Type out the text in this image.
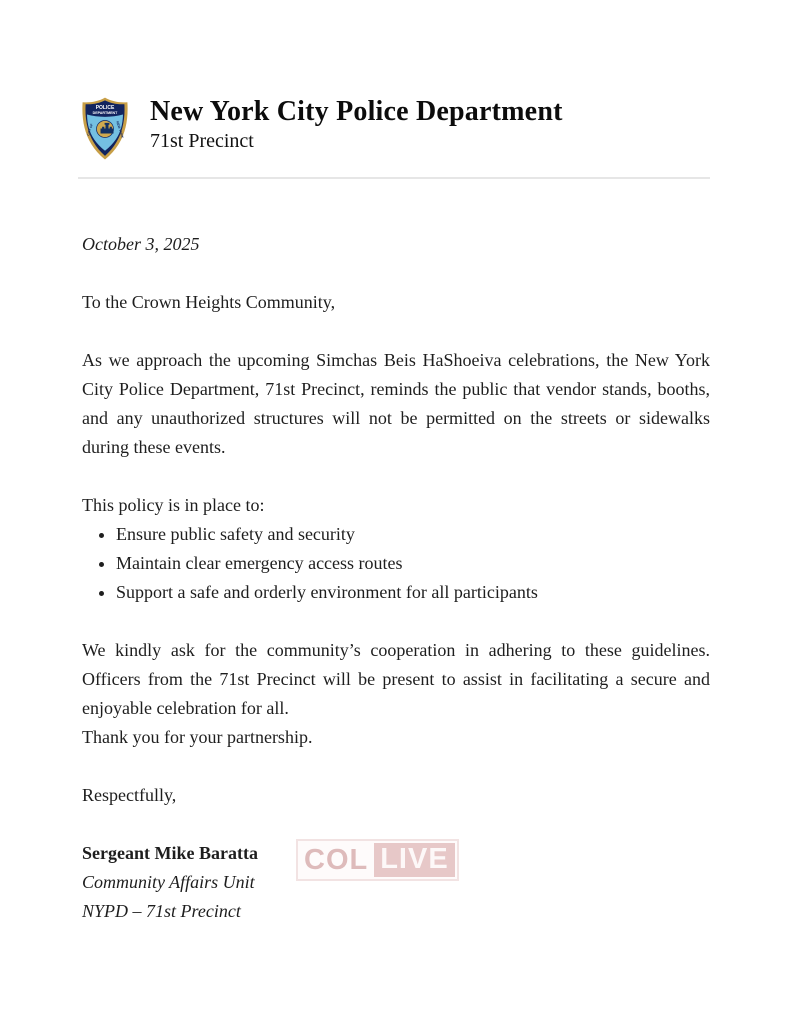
POLICE
DEPARTMENT
CITY OF	NEW YORK
New York City Police Department
71st Precinct

October 3, 2025

To the Crown Heights Community,

As we approach the upcoming Simchas Beis HaShoeiva celebrations, the New York City Police Department, 71st Precinct, reminds the public that vendor stands, booths, and any unauthorized structures will not be permitted on the streets or sidewalks during these events.

This policy is in place to:

• Ensure public safety and security
• Maintain clear emergency access routes
• Support a safe and orderly environment for all participants

We kindly ask for the community’s cooperation in adhering to these guidelines. Officers from the 71st Precinct will be present to assist in facilitating a secure and enjoyable celebration for all.

Thank you for your partnership.

Respectfully,

Sergeant Mike Baratta

Community Affairs Unit

NYPD – 71st Precinct

COL LIVE
